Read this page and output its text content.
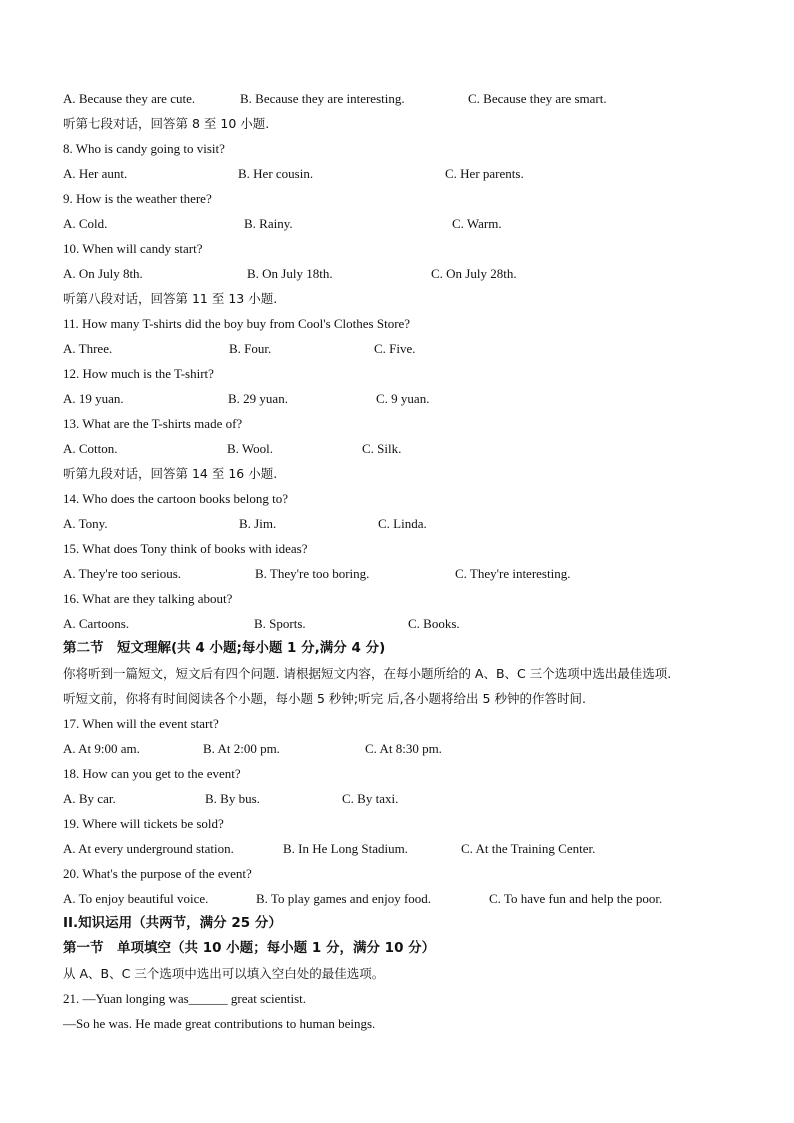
A. Because they are cute.	B. Because they are interesting.	C. Because they are smart.
听第七段对话，回答第 8 至 10 小题.
8. Who is candy going to visit?
A. Her aunt.	B. Her cousin.	C. Her parents.
9. How is the weather there?
A. Cold.	B. Rainy.	C. Warm.
10. When will candy start?
A. On July 8th.	B. On July 18th.	C. On July 28th.
听第八段对话，回答第 11 至 13 小题.
11. How many T-shirts did the boy buy from Cool's Clothes Store?
A. Three.	B. Four.	C. Five.
12. How much is the T-shirt?
A. 19 yuan.	B. 29 yuan.	C. 9 yuan.
13. What are the T-shirts made of?
A. Cotton.	B. Wool.	C. Silk.
听第九段对话，回答第 14 至 16 小题.
14. Who does the cartoon books belong to?
A. Tony.	B. Jim.	C. Linda.
15. What does Tony think of books with ideas?
A. They're too serious.	B. They're too boring.	C. They're interesting.
16. What are they talking about?
A. Cartoons.	B. Sports.	C. Books.
第二节　短文理解(共 4 小题;每小题 1 分,满分 4 分)
你将听到一篇短文，短文后有四个问题. 请根据短文内容，在每小题所给的 A、B、C 三个选项中选出最佳选项.
听短文前，你将有时间阅读各个小题，每小题 5 秒钟;听完 后,各小题将给出 5 秒钟的作答时间.
17. When will the event start?
A. At 9:00 am.	B. At 2:00 pm.	C. At 8:30 pm.
18. How can you get to the event?
A. By car.	B. By bus.	C. By taxi.
19. Where will tickets be sold?
A. At every underground station.	B. In He Long Stadium.	C. At the Training Center.
20. What's the purpose of the event?
A. To enjoy beautiful voice.	B. To play games and enjoy food.	C. To have fun and help the poor.
II.知识运用（共两节，满分 25 分）
第一节　单项填空（共 10 小题；每小题 1 分，满分 10 分）
从 A、B、C 三个选项中选出可以填入空白处的最佳选项。
21. —Yuan longing was______ great scientist.
—So he was. He made great contributions to human beings.
